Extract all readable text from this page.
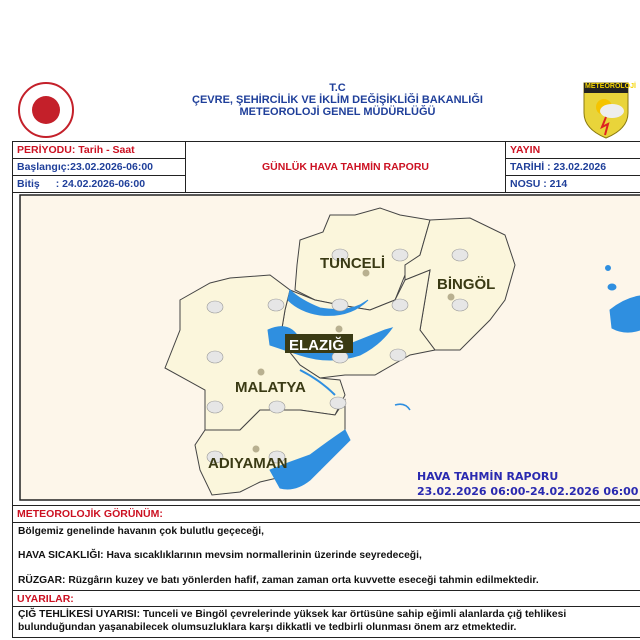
T.C
ÇEVRE, ŞEHİRCİLİK VE İKLİM DEĞİŞİKLİĞİ BAKANLIĞI
METEOROLOJİ GENEL MÜDÜRLÜĞÜ
METEOROLOJİ
PERİYODU: Tarih - Saat
Başlangıç:23.02.2026-06:00
Bitiş : 24.02.2026-06:00
GÜNLÜK HAVA TAHMİN RAPORU
YAYIN
TARİHİ : 23.02.2026
NOSU : 214
TUNCELİ
BİNGÖL
ELAZIĞ
MALATYA
ADIYAMAN
HAVA TAHMİN RAPORU
23.02.2026 06:00-24.02.2026 06:00
METEOROLOJİK GÖRÜNÜM:
Bölgemiz genelinde havanın çok bulutlu geçeceği,
HAVA SICAKLIĞI: Hava sıcaklıklarının mevsim normallerinin üzerinde seyredeceği,
RÜZGAR: Rüzgârın kuzey ve batı yönlerden hafif, zaman zaman orta kuvvette eseceği tahmin edilmektedir.
UYARILAR:
ÇIĞ TEHLİKESİ UYARISI: Tunceli ve Bingöl çevrelerinde yüksek kar örtüsüne sahip eğimli alanlarda çığ tehlikesi
bulunduğundan yaşanabilecek olumsuzluklara karşı dikkatli ve tedbirli olunması önem arz etmektedir.
